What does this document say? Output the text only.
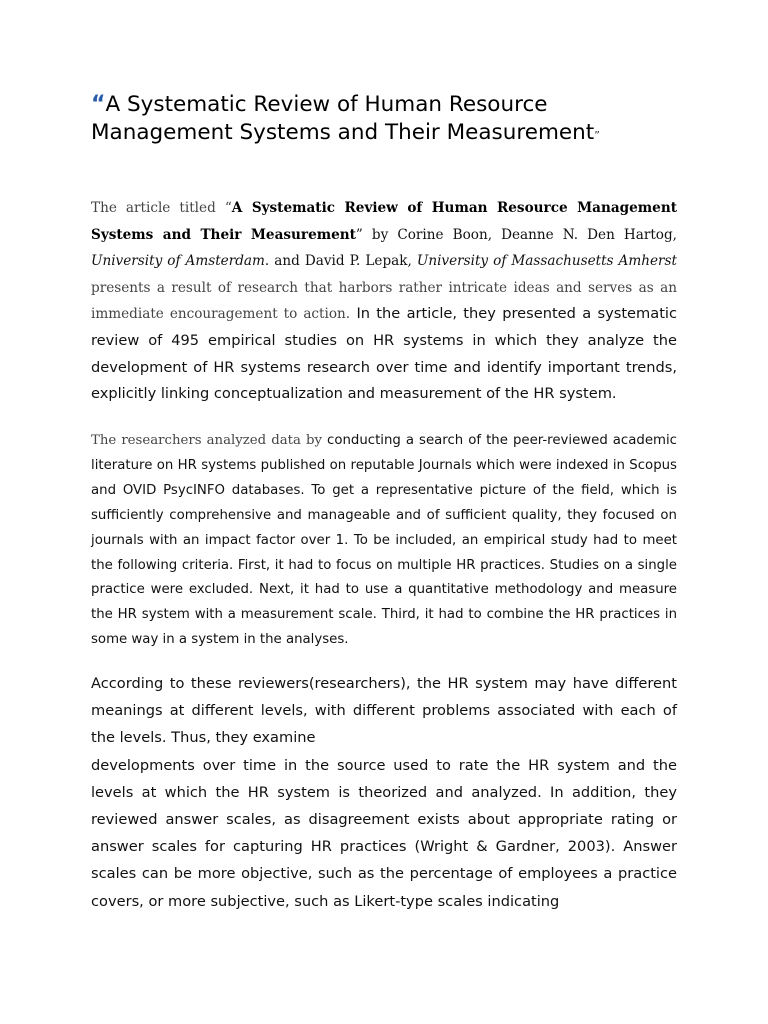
“A Systematic Review of Human Resource Management Systems and Their Measurement”

The article titled “A Systematic Review of Human Resource Management Systems and Their Measurement” by Corine Boon, Deanne N. Den Hartog, University of Amsterdam. and David P. Lepak, University of Massachusetts Amherst presents a result of research that harbors rather intricate ideas and serves as an immediate encouragement to action. In the article, they presented a systematic review of 495 empirical studies on HR systems in which they analyze the development of HR systems research over time and identify important trends, explicitly linking conceptualization and measurement of the HR system.

The researchers analyzed data by conducting a search of the peer-reviewed academic literature on HR systems published on reputable Journals which were indexed in Scopus and OVID PsycINFO databases. To get a representative picture of the field, which is sufficiently comprehensive and manageable and of sufficient quality, they focused on journals with an impact factor over 1. To be included, an empirical study had to meet the following criteria. First, it had to focus on multiple HR practices. Studies on a single practice were excluded. Next, it had to use a quantitative methodology and measure the HR system with a measurement scale. Third, it had to combine the HR practices in some way in a system in the analyses.

According to these reviewers(researchers), the HR system may have different meanings at different levels, with different problems associated with each of the levels. Thus, they examine
developments over time in the source used to rate the HR system and the levels at which the HR system is theorized and analyzed. In addition, they reviewed answer scales, as disagreement exists about appropriate rating or answer scales for capturing HR practices (Wright & Gardner, 2003). Answer scales can be more objective, such as the percentage of employees a practice covers, or more subjective, such as Likert-type scales indicating
